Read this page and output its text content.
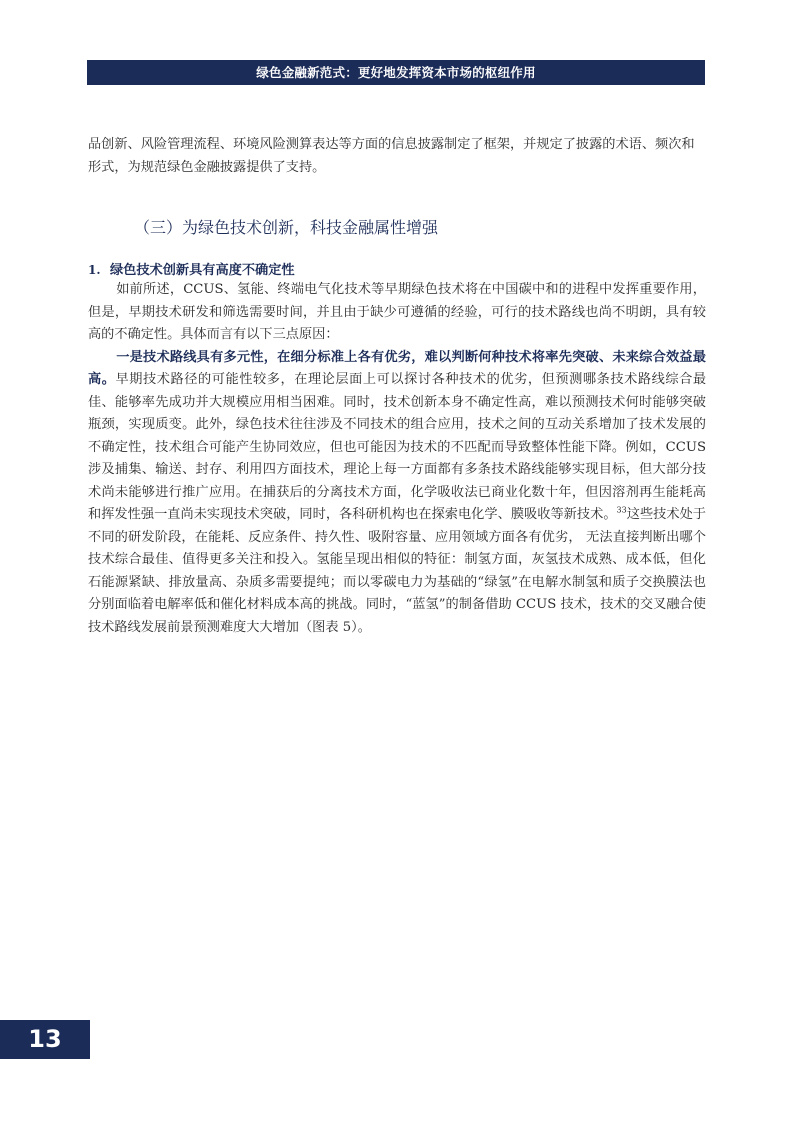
绿色金融新范式：更好地发挥资本市场的枢纽作用

品创新、风险管理流程、环境风险测算表达等方面的信息披露制定了框架，并规定了披露的术语、频次和形式，为规范绿色金融披露提供了支持。

（三）为绿色技术创新，科技金融属性增强
1. 绿色技术创新具有高度不确定性

如前所述，CCUS、氢能、终端电气化技术等早期绿色技术将在中国碳中和的进程中发挥重要作用，但是，早期技术研发和筛选需要时间，并且由于缺少可遵循的经验，可行的技术路线也尚不明朗，具有较高的不确定性。具体而言有以下三点原因：

一是技术路线具有多元性，在细分标准上各有优劣，难以判断何种技术将率先突破、未来综合效益最高。早期技术路径的可能性较多，在理论层面上可以探讨各种技术的优劣，但预测哪条技术路线综合最佳、能够率先成功并大规模应用相当困难。同时，技术创新本身不确定性高，难以预测技术何时能够突破瓶颈，实现质变。此外，绿色技术往往涉及不同技术的组合应用，技术之间的互动关系增加了技术发展的不确定性，技术组合可能产生协同效应，但也可能因为技术的不匹配而导致整体性能下降。例如，CCUS 涉及捕集、输送、封存、利用四方面技术，理论上每一方面都有多条技术路线能够实现目标，但大部分技术尚未能够进行推广应用。在捕获后的分离技术方面，化学吸收法已商业化数十年，但因溶剂再生能耗高和挥发性强一直尚未实现技术突破，同时，各科研机构也在探索电化学、膜吸收等新技术。$^{33}$这些技术处于不同的研发阶段，在能耗、反应条件、持久性、吸附容量、应用领域方面各有优劣， 无法直接判断出哪个技术综合最佳、值得更多关注和投入。氢能呈现出相似的特征：制氢方面，灰氢技术成熟、成本低，但化石能源紧缺、排放量高、杂质多需要提纯；而以零碳电力为基础的“绿氢”在电解水制氢和质子交换膜法也分别面临着电解率低和催化材料成本高的挑战。同时，“蓝氢”的制备借助 CCUS 技术，技术的交叉融合使技术路线发展前景预测难度大大增加（图表 5）。

13
